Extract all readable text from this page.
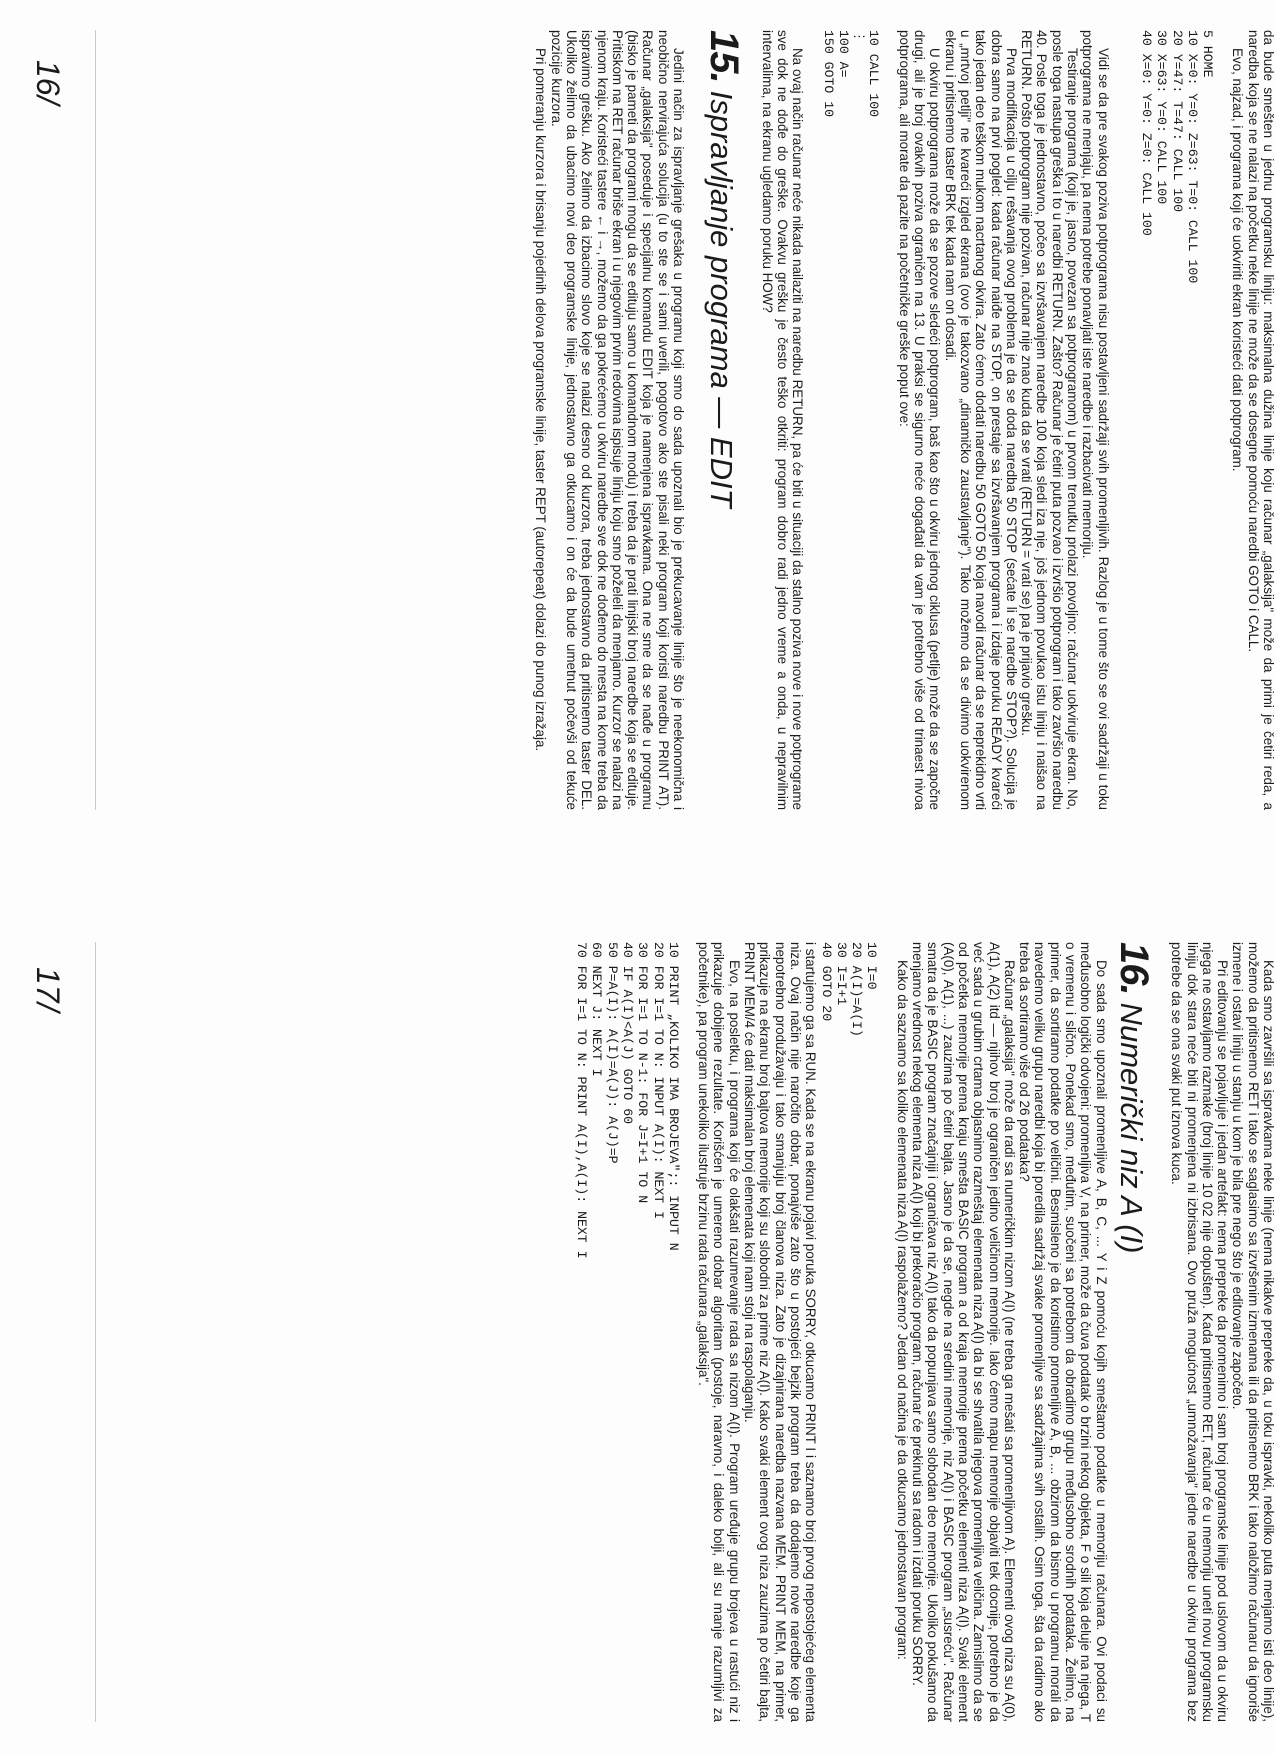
da bude smešten u jednu programsku liniju: maksimalna dužina linije koju računar „galaksija" može da primi je četiri reda, a naredba koja se ne nalazi na početku neke linije ne može da se dosegne pomoću naredbi GOTO i CALL.

Evo, najzad, i programa koji će uokviriti ekran koristeći dati potprogram.

5 HOME
10 X=0: Y=0: Z=63: T=0: CALL 100
20 Y=47: T=47: CALL 100
30 X=63: Y=0: CALL 100
40 X=0: Y=0: Z=0: CALL 100

Vidi se da pre svakog poziva potprograma nisu postavljeni sadržaji svih promenljivih. Razlog je u tome što se ovi sadržaji u toku potprograma ne menjaju, pa nema potrebe ponavljati iste naredbe i razbacivati memoriju.

Testiranje programa (koji je, jasno, povezan sa potprogramom) u prvom trenutku prolazi povoljno: računar uokviruje ekran. No, posle toga nastupa greška i to u naredbi RETURN. Zašto? Računar je četiri puta pozvao i izvršio potprogram i tako završio naredbu 40. Posle toga je jednostavno, počeo sa izvršavanjem naredbe 100 koja sledi iza nje, još jednom povukao istu liniju i naišao na RETURN. Pošto potprogram nije pozivan, računar nije znao kuda da se vrati (RETURN = vrati se) pa je prijavio grešku.

Prva modifikacija u cilju rešavanja ovog problema je da se doda naredba 50 STOP (sećate li se naredbe STOP?). Solucija je dobra samo na prvi pogled: kada računar naiđe na STOP, on prestaje sa izvršavanjem programa i izdaje poruku READY kvareći tako jedan deo teškom mukom nacrtanog okvira. Zato ćemo dodati naredbu 50 GOTO 50 koja navodi računar da se neprekidno vrti u „mrtvoj petlji" ne kvareći izgled ekrana (ovo je takozvano „dinamičko zaustavljanje"). Tako možemo da se divimo uokvirenom ekranu i pritisnemo taster BRK tek kada nam on dosadi.

U okviru potprograma može da se pozove sledeći potprogram, baš kao što u okviru jednog ciklusa (petlje) može da se započne drugi, ali je broj ovakvih poziva ograničen na 13. U praksi se sigurno neće događati da vam je potrebno više od trinaest nivoa potprograma, ali morate da pazite na početničke greške poput ove:

10 CALL 100
⋮
100 A=
150 GOTO 10

Na ovaj način računar neće nikada nailaziti na naredbu RETURN, pa će biti u situaciji da stalno poziva nove i nove potprograme sve dok ne dođe do greške. Ovakvu grešku je često teško otkriti: program dobro radi jedno vreme a onda, u nepravilnim intervalima, na ekranu ugledamo poruku HOW?

15.
Ispravljanje programa — EDIT

Jedini način za ispravljanje grešaka u programu koji smo do sada upoznali bio je prekucavanje linije što je neekonomična i neobično nervirajuća solucija (u to ste se i sami uverili, pogotovo ako ste pisali neki program koji koristi naredbu PRINT AT). Računar „galaksija" poseduje i specijalnu komandu EDIT koja je namenjena ispravkama. Ona ne sme da se nađe u programu (bisko je pameti da programi mogu da se edituju samo u komandnom modu) i treba da je prati linijski broj naredbe koja se edituje. Pritiskom na RET računar briše ekran i u njegovim prvim redovima ispisuje liniju koju smo poželeli da menjamo. Kurzor se nalazi na njenom kraju. Koristeći tastere ← i →, možemo da ga pokrećemo u okviru naredbe sve dok ne dođemo do mesta na kome treba da ispravimo grešku. Ako želimo da izbacimo slovo koje se nalazi desno od kurzora, treba jednostavno da pritisnemo taster DEL. Ukoliko želimo da ubacimo novi deo programske linije, jednostavno ga otkucamo i on će da bude umetnut počevši od tekuće pozicije kurzora.

Pri pomeranju kurzora i brisanju pojedinih delova programske linije, taster REPT (autorepeat) dolazi do punog izražaja.

16/

Kada smo završili sa ispravkama neke linije (nema nikakve prepreke da, u toku ispravki, nekoliko puta menjamo isti deo linije), možemo da pritisnemo RET i tako se saglasimo sa izvršenim izmenama ili da pritisnemo BRK i tako naložimo računaru da ignoriše izmene i ostavi liniju u stanju u kom je bila pre nego što je editovanje započeto.

Pri editovanju se pojavljuje i jedan artefakt: nema prepreke da promenimo i sam broj programske linije pod uslovom da u okviru njega ne ostavljamo razmake (broj linije 10 02 nije dopušten). Kada pritisnemo RET, računar će u memoriju uneti novu programsku liniju dok stara neće biti ni promenjena ni izbrisana. Ovo pruža mogućnost „umnožavanja" jedne naredbe u okviru programa bez potrebe da se ona svaki put iznova kuca.

16.
Numerički niz A (I)

Do sada smo upoznali promenljive A, B, C, ... Y i Z pomoću kojih smeštamo podatke u memoriju računara. Ovi podaci su međusobno logički odvojeni: promenljiva V, na primer, može da čuva podatak o brzini nekog objekta, F o sili koja deluje na njega, T o vremenu i slično. Ponekad smo, međutim, suočeni sa potrebom da obradimo grupu međusobno srodnih podataka. Želimo, na primer, da sortiramo podatke po veličini. Besmisleno je da koristimo promenljive A, B, ... obzirom da bismo u programu morali da navedemo veliku grupu naredbi koja bi poredila sadržaj svake promenljive sa sadržajima svih ostalih. Osim toga, šta da radimo ako treba da sortiramo više od 26 podataka?

Računar „galaksija" može da radi sa numeričkim nizom A(I) (ne treba ga mešati sa promenljivom A). Elementi ovog niza su A(0), A(1), A(2) itd — njihov broj je ograničen jedino veličinom memorije. Iako ćemo mapu memorije objaviti tek docnije, potrebno je da već sada u grubim crtama objasnimo razmeštaj elemenata niza A(I) da bi se shvatila njegova promenljiva veličina. Zamislimo da se od početka memorije prema kraju smešta BASIC program a od kraja memorije prema početku elementi niza A(I). Svaki element (A(0), A(1), ...) zauzima po četiri bajta. Jasno je da se, negde na sredini memorije, niz A(I) i BASIC program „susreću". Računar smatra da je BASIC program značajniji i ograničava niz A(I) tako da popunjava samo slobodan deo memorije. Ukoliko pokušamo da menjamo vrednost nekog elementa niza A(I) koji bi prekoračio program, računar će prekinuti sa radom i izdati poruku SORRY.

Kako da saznamo sa koliko elemenata niza A(I) raspolažemo? Jedan od načina je da otkucamo jednostavan program:

10 I=0
20 A(I)=A(I)
30 I=I+1
40 GOTO 20

i startujemo ga sa RUN. Kada se na ekranu pojavi poruka SORRY, otkucamo PRINT I i saznamo broj prvog nepostojećeg elementa niza. Ovaj način nije naročito dobar, ponajviše zato što u postojeći bejzik program treba da dodajemo nove naredbe koje ga nepotrebno produžavaju i tako smanjuju broj članova niza. Zato je dizajnirana naredba nazvana MEM. PRINT MEM, na primer, prikazuje na ekranu broj bajtova memorije koji su slobodni za prime niz A(I). Kako svaki element ovog niza zauzima po četiri bajta, PRINT MEM/4 će dati maksimalan broj elemenata koji nam stoji na raspolaganju.

Evo, na posletku, i programa koji će olakšati razumevanje rada sa nizom A(I). Program uređuje grupu brojeva u rastući niz i prikazuje dobijene rezultate. Korišćen je umereno dobar algoritam (postoje, naravno, i daleko bolji, ali su manje razumljivi za početnike), pa program unekoliko ilustruje brzinu rada računara „galaksija".

10 PRINT „KOLIKO IMA BROJEVA";: INPUT N
20 FOR I=1 TO N: INPUT A(I): NEXT I
30 FOR I=1 TO N-1: FOR J=I+1 TO N
40 IF A(I)<A(J) GOTO 60
50 P=A(I): A(I)=A(J): A(J)=P
60 NEXT J: NEXT I
70 FOR I=1 TO N: PRINT A(I),A(I): NEXT I
17/
